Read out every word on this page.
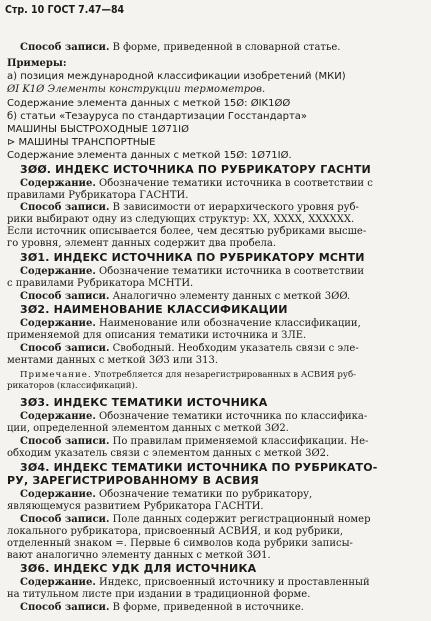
Стр. 10 ГОСТ 7.47—84
Способ записи. В форме, приведенной в словарной статье.
Примеры:
а) позиция международной классификации изобретений (МКИ)
ØI K1Ø Элементы конструкции термометров.
Содержание элемента данных с меткой 15Ø: ØIK1ØØ
б) статьи «Тезауруса по стандартизации Госстандарта»
МАШИНЫ БЫСТРОХОДНЫЕ 1Ø71IØ
⊳ МАШИНЫ ТРАНСПОРТНЫЕ
Содержание элемента данных с меткой 15Ø: 1Ø71IØ.
3ØØ. ИНДЕКС ИСТОЧНИКА ПО РУБРИКАТОРУ ГАСНТИ
Содержание. Обозначение тематики источника в соответствии с
правилами Рубрикатора ГАСНТИ.
Способ записи. В зависимости от иерархического уровня руб-
рики выбирают одну из следующих структур: XX, XXXX, XXXXXX.
Если источник описывается более, чем десятью рубриками высше-
го уровня, элемент данных содержит два пробела.
3Ø1. ИНДЕКС ИСТОЧНИКА ПО РУБРИКАТОРУ МСНТИ
Содержание. Обозначение тематики источника в соответствии
с правилами Рубрикатора МСНТИ.
Способ записи. Аналогично элементу данных с меткой 3ØØ.
3Ø2. НАИМЕНОВАНИЕ КЛАССИФИКАЦИИ
Содержание. Наименование или обозначение классификации,
применяемой для описания тематики источника и ЗЛЕ.
Способ записи. Свободный. Необходим указатель связи с эле-
ментами данных с меткой 3Ø3 или 313.
Примечание. Употребляется для незарегистрированных в АСВИЯ руб-
рикаторов (классификаций).
3Ø3. ИНДЕКС ТЕМАТИКИ ИСТОЧНИКА
Содержание. Обозначение тематики источника по классифика-
ции, определенной элементом данных с меткой 3Ø2.
Способ записи. По правилам применяемой классификации. Не-
обходим указатель связи с элементом данных с меткой 3Ø2.
3Ø4. ИНДЕКС ТЕМАТИКИ ИСТОЧНИКА ПО РУБРИКАТО-
РУ, ЗАРЕГИСТРИРОВАННОМУ В АСВИЯ
Содержание. Обозначение тематики по рубрикатору,
являющемуся развитием Рубрикатора ГАСНТИ.
Способ записи. Поле данных содержит регистрационный номер
локального рубрикатора, присвоенный АСВИЯ, и код рубрики,
отделенный знаком =. Первые 6 символов кода рубрики записы-
вают аналогично элементу данных с меткой 3Ø1.
3Ø6. ИНДЕКС УДК ДЛЯ ИСТОЧНИКА
Содержание. Индекс, присвоенный источнику и проставленный
на титульном листе при издании в традиционной форме.
Способ записи. В форме, приведенной в источнике.
